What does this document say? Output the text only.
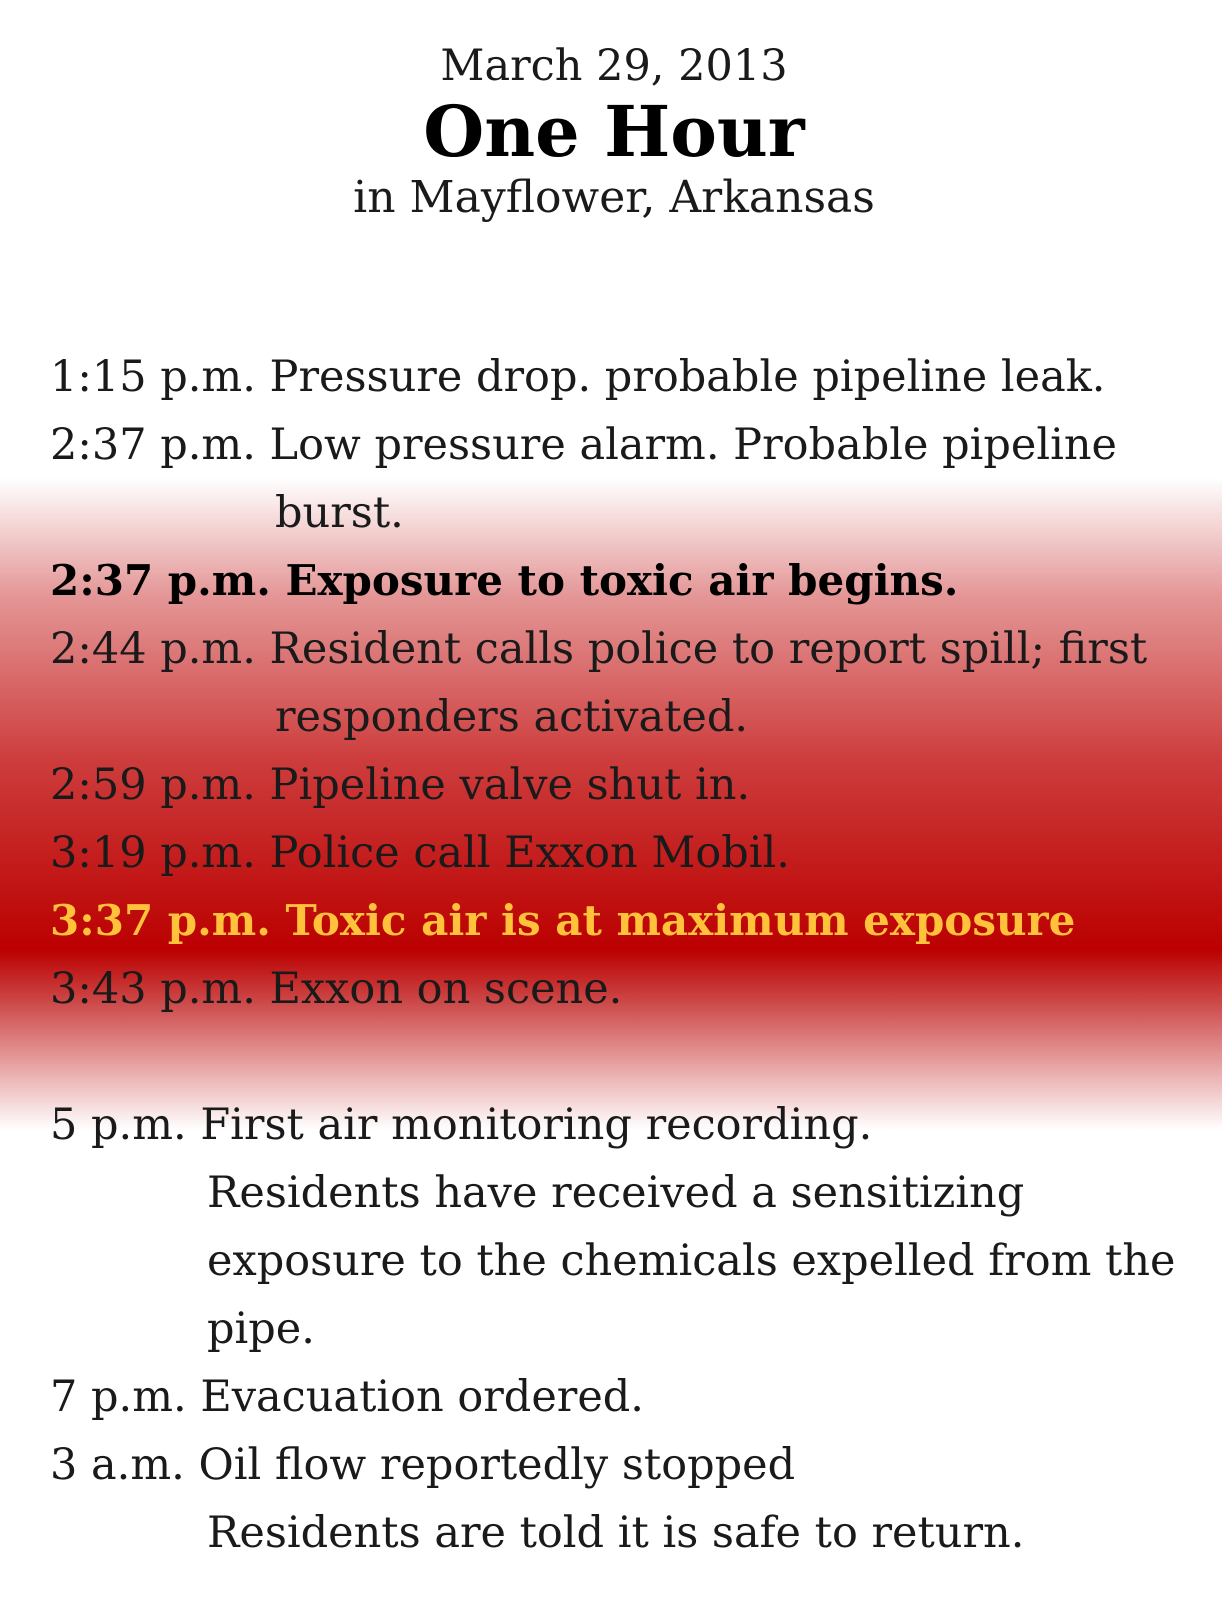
March 29, 2013
One Hour
in Mayflower, Arkansas
1:15 p.m. Pressure drop. probable pipeline leak.
2:37 p.m. Low pressure alarm. Probable pipeline
burst.
2:37 p.m. Exposure to toxic air begins.
2:44 p.m. Resident calls police to report spill; first
responders activated.
2:59 p.m. Pipeline valve shut in.
3:19 p.m. Police call Exxon Mobil.
3:37 p.m. Toxic air is at maximum exposure
3:43 p.m. Exxon on scene.
5 p.m. First air monitoring recording.
Residents have received a sensitizing
exposure to the chemicals expelled from the
pipe.
7 p.m. Evacuation ordered.
3 a.m. Oil flow reportedly stopped
Residents are told it is safe to return.
